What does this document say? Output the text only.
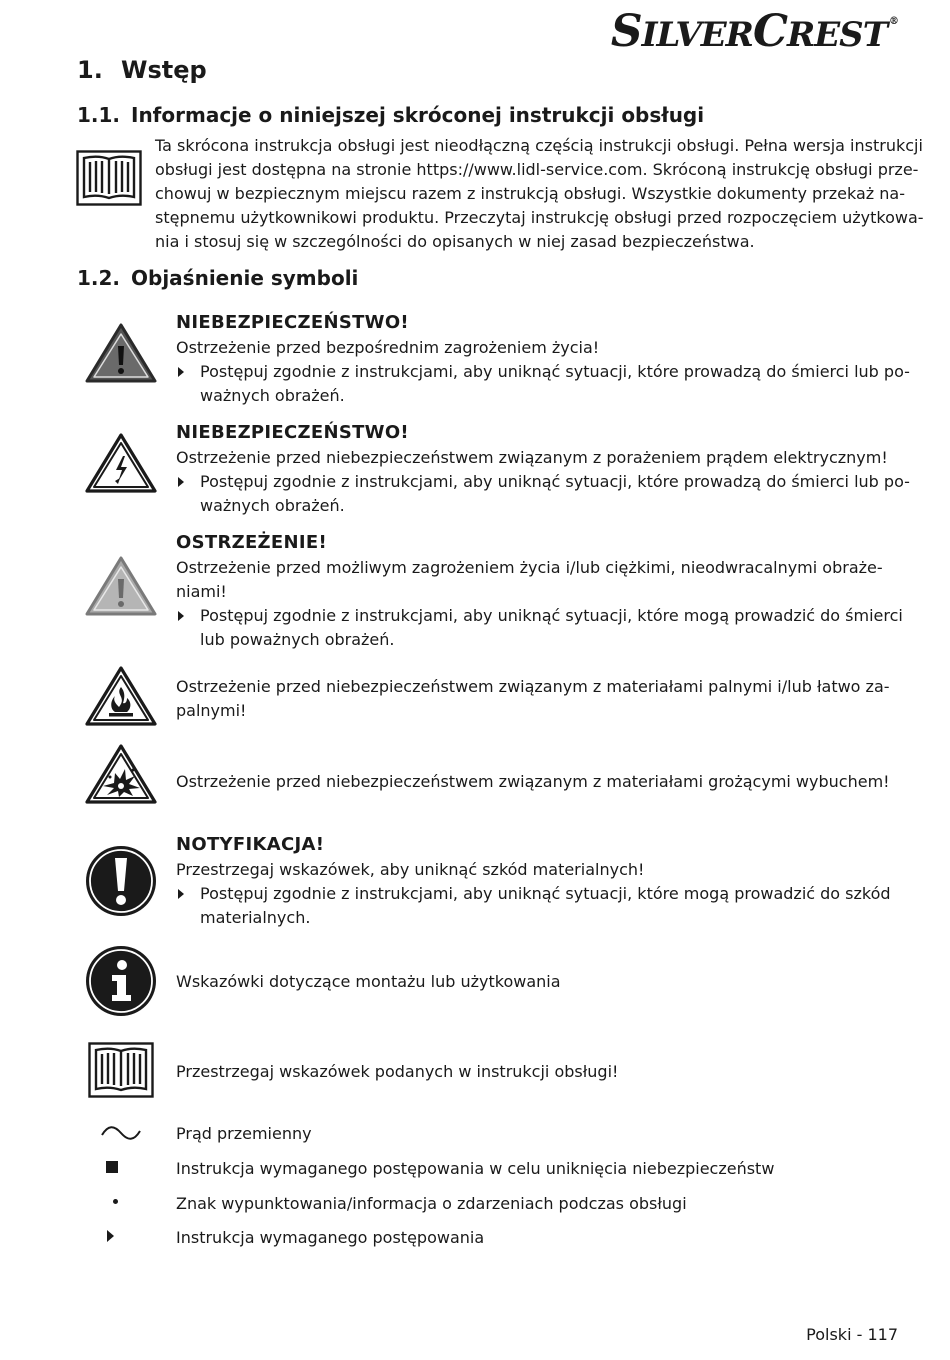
SILVERCREST ®
1. Wstęp
1.1. Informacje o niniejszej skróconej instrukcji obsługi
Ta skrócona instrukcja obsługi jest nieodłączną częścią instrukcji obsługi. Pełna wersja instrukcji
obsługi jest dostępna na stronie https://www.lidl-service.com. Skróconą instrukcję obsługi prze-
chowuj w bezpiecznym miejscu razem z instrukcją obsługi. Wszystkie dokumenty przekaż na-
stępnemu użytkownikowi produktu. Przeczytaj instrukcję obsługi przed rozpoczęciem użytkowa-
nia i stosuj się w szczególności do opisanych w niej zasad bezpieczeństwa.
1.2. Objaśnienie symboli
NIEBEZPIECZEŃSTWO!
Ostrzeżenie przed bezpośrednim zagrożeniem życia!
Postępuj zgodnie z instrukcjami, aby uniknąć sytuacji, które prowadzą do śmierci lub po-
ważnych obrażeń.
NIEBEZPIECZEŃSTWO!
Ostrzeżenie przed niebezpieczeństwem związanym z porażeniem prądem elektrycznym!
Postępuj zgodnie z instrukcjami, aby uniknąć sytuacji, które prowadzą do śmierci lub po-
ważnych obrażeń.
OSTRZEŻENIE!
Ostrzeżenie przed możliwym zagrożeniem życia i/lub ciężkimi, nieodwracalnymi obraże-
niami!
Postępuj zgodnie z instrukcjami, aby uniknąć sytuacji, które mogą prowadzić do śmierci
lub poważnych obrażeń.
Ostrzeżenie przed niebezpieczeństwem związanym z materiałami palnymi i/lub łatwo za-
palnymi!
Ostrzeżenie przed niebezpieczeństwem związanym z materiałami grożącymi wybuchem!
NOTYFIKACJA!
Przestrzegaj wskazówek, aby uniknąć szkód materialnych!
Postępuj zgodnie z instrukcjami, aby uniknąć sytuacji, które mogą prowadzić do szkód
materialnych.
Wskazówki dotyczące montażu lub użytkowania
Przestrzegaj wskazówek podanych w instrukcji obsługi!
Prąd przemienny
Instrukcja wymaganego postępowania w celu uniknięcia niebezpieczeństw
Znak wypunktowania/informacja o zdarzeniach podczas obsługi
Instrukcja wymaganego postępowania
Polski - 117
